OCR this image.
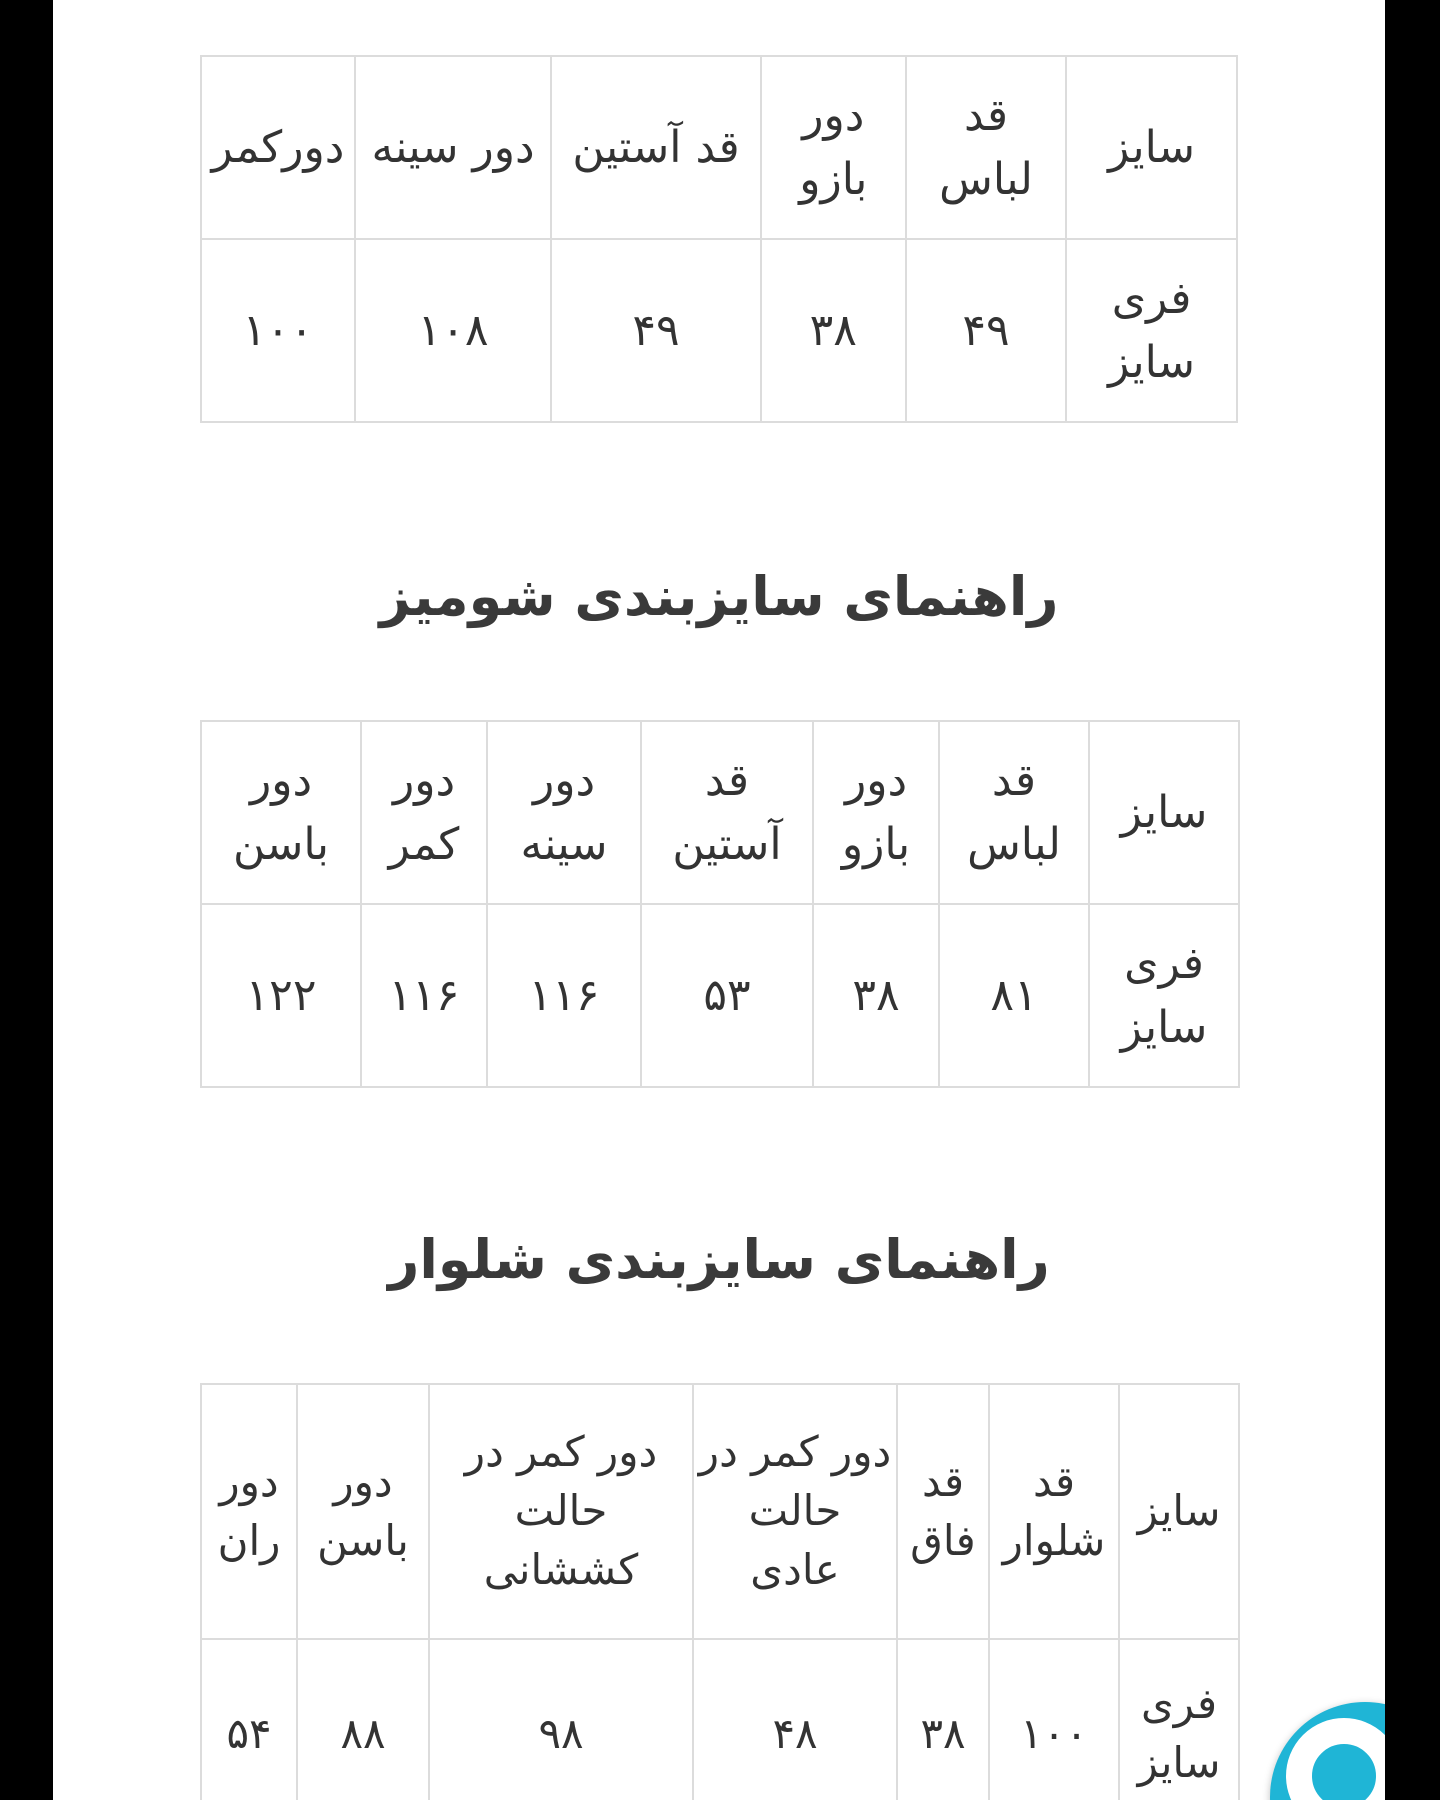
سایز	قد لباس	دور بازو	قد آستین	دور سینه	دورکمر
فری سایز	۴۹	۳۸	۴۹	۱۰۸	۱۰۰
راهنمای سایزبندی شومیز
سایز	قد لباس	دور بازو	قد آستین	دور سینه	دور کمر	دور باسن
فری سایز	۸۱	۳۸	۵۳	۱۱۶	۱۱۶	۱۲۲
راهنمای سایزبندی شلوار
سایز	قد شلوار	قد فاق	دور کمر در حالت عادی	دور کمر در حالت کششانی	دور باسن	دور ران
فری سایز	۱۰۰	۳۸	۴۸	۹۸	۸۸	۵۴
